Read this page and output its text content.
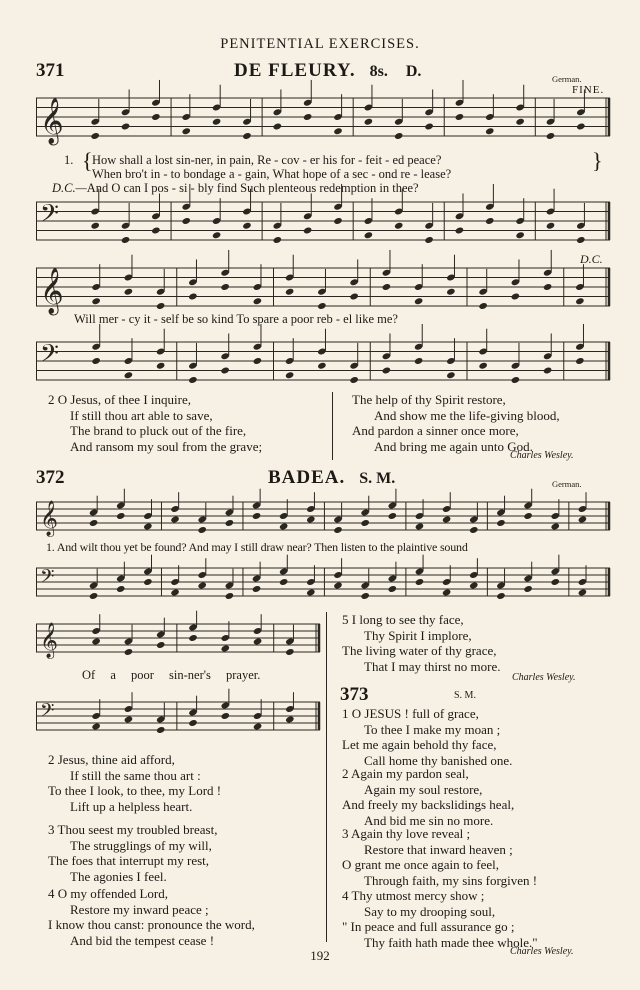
PENITENTIAL EXERCISES.
371	DE FLEURY. 8s. D.	German.
FINE.
𝄞
1. { How shall a lost sin-ner, in pain, Re - cov - er his for - feit - ed peace?
When bro't in - to bondage a - gain, What hope of a sec - ond re - lease?
}
D.C.—And O can I pos - si - bly find Such plenteous redemption in thee?
𝄢
D.C.
𝄞
Will mer - cy it - self be so kind To spare a poor reb - el like me?
𝄢
2 O Jesus, of thee I inquire,
If still thou art able to save,
The brand to pluck out of the fire,
And ransom my soul from the grave;
The help of thy Spirit restore,
And show me the life-giving blood,
And pardon a sinner once more,
And bring me again unto God.
Charles Wesley.
372	BADEA. S. M.	German.
𝄞
1. And wilt thou yet be found? And may I still draw near? Then listen to the plaintive sound
𝄢
𝄞
Of a poor sin-ner's prayer.
𝄢
2 Jesus, thine aid afford,
If still the same thou art :
To thee I look, to thee, my Lord !
Lift up a helpless heart.
3 Thou seest my troubled breast,
The strugglings of my will,
The foes that interrupt my rest,
The agonies I feel.
4 O my offended Lord,
Restore my inward peace ;
I know thou canst: pronounce the word,
And bid the tempest cease !
5 I long to see thy face,
Thy Spirit I implore,
The living water of thy grace,
That I may thirst no more.
Charles Wesley.
373	S. M.
1 O JESUS ! full of grace,
To thee I make my moan ;
Let me again behold thy face,
Call home thy banished one.
2 Again my pardon seal,
Again my soul restore,
And freely my backslidings heal,
And bid me sin no more.
3 Again thy love reveal ;
Restore that inward heaven ;
O grant me once again to feel,
Through faith, my sins forgiven !
4 Thy utmost mercy show ;
Say to my drooping soul,
" In peace and full assurance go ;
Thy faith hath made thee whole."
Charles Wesley.
192
